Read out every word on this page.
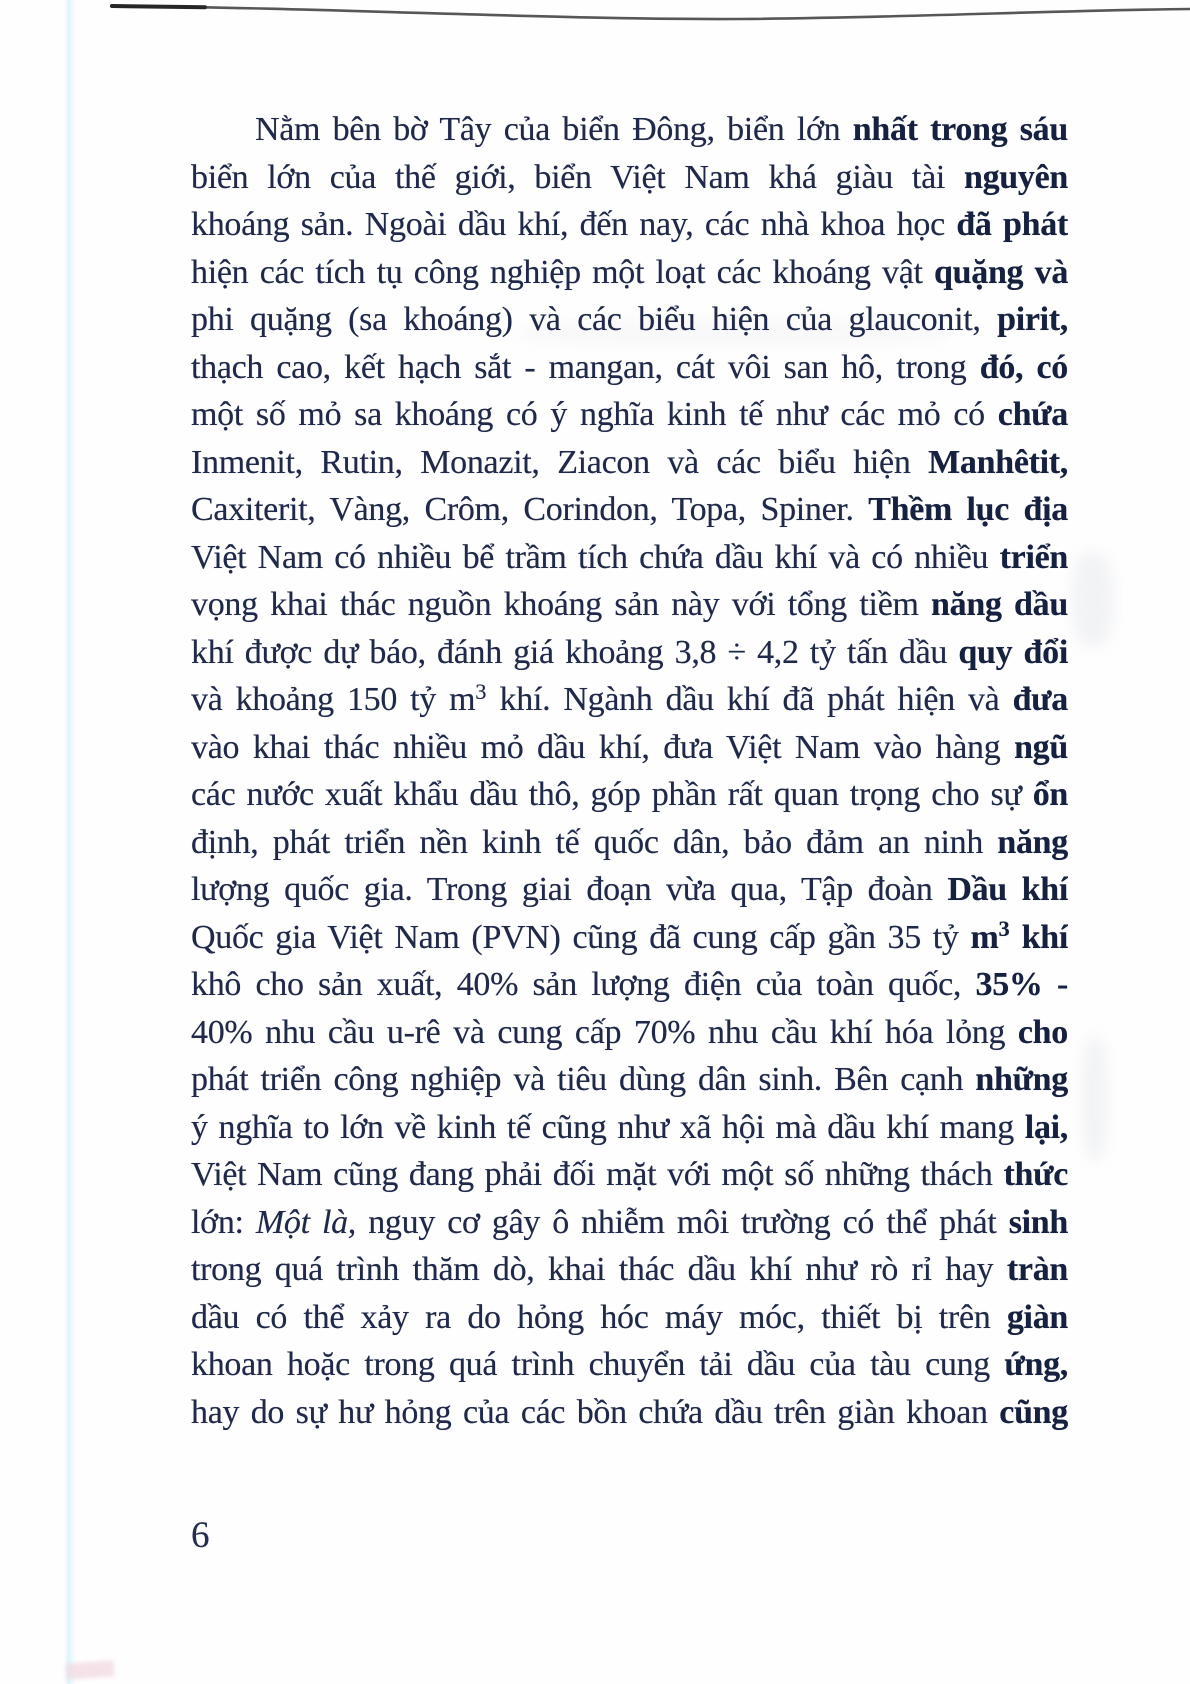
Nằm bên bờ Tây của biển Đông, biển lớn nhất trong sáu
biển lớn của thế giới, biển Việt Nam khá giàu tài nguyên
khoáng sản. Ngoài dầu khí, đến nay, các nhà khoa học đã phát
hiện các tích tụ công nghiệp một loạt các khoáng vật quặng và
phi quặng (sa khoáng) và các biểu hiện của glauconit, pirit,
thạch cao, kết hạch sắt - mangan, cát vôi san hô, trong đó, có
một số mỏ sa khoáng có ý nghĩa kinh tế như các mỏ có chứa
Inmenit, Rutin, Monazit, Ziacon và các biểu hiện Manhêtit,
Caxiterit, Vàng, Crôm, Corindon, Topa, Spiner. Thềm lục địa
Việt Nam có nhiều bể trầm tích chứa dầu khí và có nhiều triển
vọng khai thác nguồn khoáng sản này với tổng tiềm năng dầu
khí được dự báo, đánh giá khoảng 3,8 ÷ 4,2 tỷ tấn dầu quy đổi
và khoảng 150 tỷ $m^3$ khí. Ngành dầu khí đã phát hiện và đưa
vào khai thác nhiều mỏ dầu khí, đưa Việt Nam vào hàng ngũ
các nước xuất khẩu dầu thô, góp phần rất quan trọng cho sự ổn
định, phát triển nền kinh tế quốc dân, bảo đảm an ninh năng
lượng quốc gia. Trong giai đoạn vừa qua, Tập đoàn Dầu khí
Quốc gia Việt Nam (PVN) cũng đã cung cấp gần 35 tỷ $m^3$ khí
khô cho sản xuất, 40% sản lượng điện của toàn quốc, 35% -
40% nhu cầu u-rê và cung cấp 70% nhu cầu khí hóa lỏng cho
phát triển công nghiệp và tiêu dùng dân sinh. Bên cạnh những
ý nghĩa to lớn về kinh tế cũng như xã hội mà dầu khí mang lại,
Việt Nam cũng đang phải đối mặt với một số những thách thức
lớn: Một là, nguy cơ gây ô nhiễm môi trường có thể phát sinh
trong quá trình thăm dò, khai thác dầu khí như rò rỉ hay tràn
dầu có thể xảy ra do hỏng hóc máy móc, thiết bị trên giàn
khoan hoặc trong quá trình chuyển tải dầu của tàu cung ứng,
hay do sự hư hỏng của các bồn chứa dầu trên giàn khoan cũng
6
